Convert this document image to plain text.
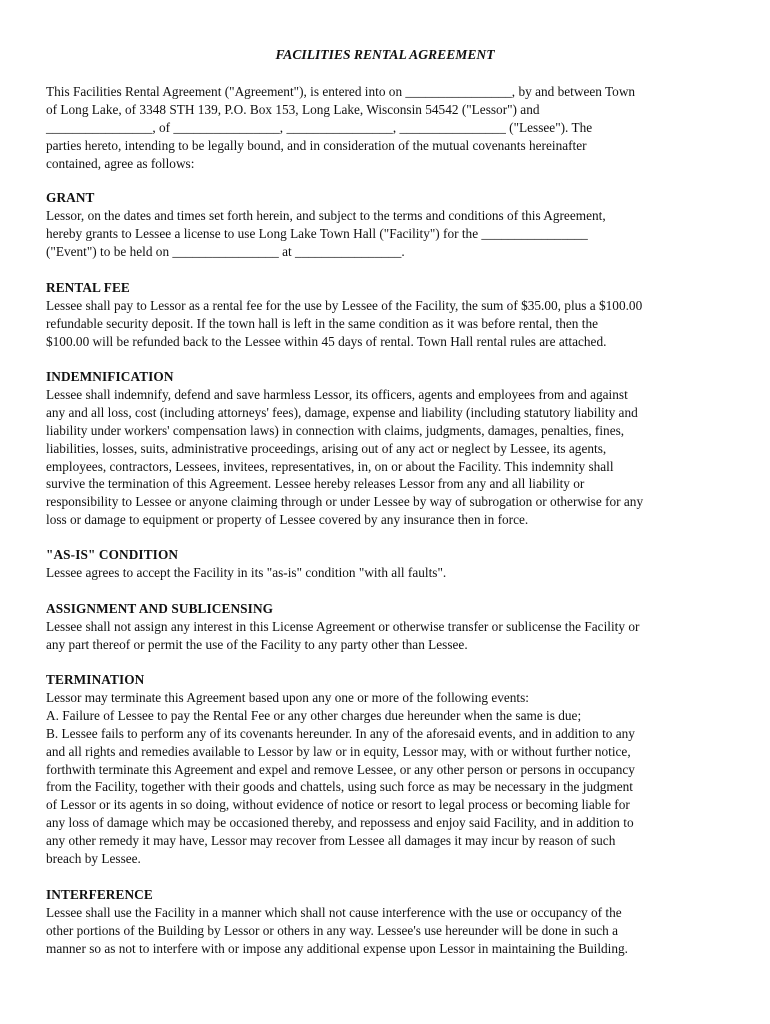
FACILITIES RENTAL AGREEMENT
This Facilities Rental Agreement ("Agreement"), is entered into on ________________, by and between Town
of Long Lake, of 3348 STH 139, P.O. Box 153, Long Lake, Wisconsin 54542 ("Lessor") and
________________, of ________________, ________________, ________________ ("Lessee"). The
parties hereto, intending to be legally bound, and in consideration of the mutual covenants hereinafter
contained, agree as follows:
GRANT
Lessor, on the dates and times set forth herein, and subject to the terms and conditions of this Agreement,
hereby grants to Lessee a license to use Long Lake Town Hall ("Facility") for the ________________
("Event") to be held on ________________ at ________________.
RENTAL FEE
Lessee shall pay to Lessor as a rental fee for the use by Lessee of the Facility, the sum of $35.00, plus a $100.00
refundable security deposit. If the town hall is left in the same condition as it was before rental, then the
$100.00 will be refunded back to the Lessee within 45 days of rental. Town Hall rental rules are attached.
INDEMNIFICATION
Lessee shall indemnify, defend and save harmless Lessor, its officers, agents and employees from and against
any and all loss, cost (including attorneys' fees), damage, expense and liability (including statutory liability and
liability under workers' compensation laws) in connection with claims, judgments, damages, penalties, fines,
liabilities, losses, suits, administrative proceedings, arising out of any act or neglect by Lessee, its agents,
employees, contractors, Lessees, invitees, representatives, in, on or about the Facility. This indemnity shall
survive the termination of this Agreement. Lessee hereby releases Lessor from any and all liability or
responsibility to Lessee or anyone claiming through or under Lessee by way of subrogation or otherwise for any
loss or damage to equipment or property of Lessee covered by any insurance then in force.
"AS-IS" CONDITION
Lessee agrees to accept the Facility in its "as-is" condition "with all faults".
ASSIGNMENT AND SUBLICENSING
Lessee shall not assign any interest in this License Agreement or otherwise transfer or sublicense the Facility or
any part thereof or permit the use of the Facility to any party other than Lessee.
TERMINATION
Lessor may terminate this Agreement based upon any one or more of the following events:
A. Failure of Lessee to pay the Rental Fee or any other charges due hereunder when the same is due;
B. Lessee fails to perform any of its covenants hereunder. In any of the aforesaid events, and in addition to any
and all rights and remedies available to Lessor by law or in equity, Lessor may, with or without further notice,
forthwith terminate this Agreement and expel and remove Lessee, or any other person or persons in occupancy
from the Facility, together with their goods and chattels, using such force as may be necessary in the judgment
of Lessor or its agents in so doing, without evidence of notice or resort to legal process or becoming liable for
any loss of damage which may be occasioned thereby, and repossess and enjoy said Facility, and in addition to
any other remedy it may have, Lessor may recover from Lessee all damages it may incur by reason of such
breach by Lessee.
INTERFERENCE
Lessee shall use the Facility in a manner which shall not cause interference with the use or occupancy of the
other portions of the Building by Lessor or others in any way. Lessee's use hereunder will be done in such a
manner so as not to interfere with or impose any additional expense upon Lessor in maintaining the Building.
